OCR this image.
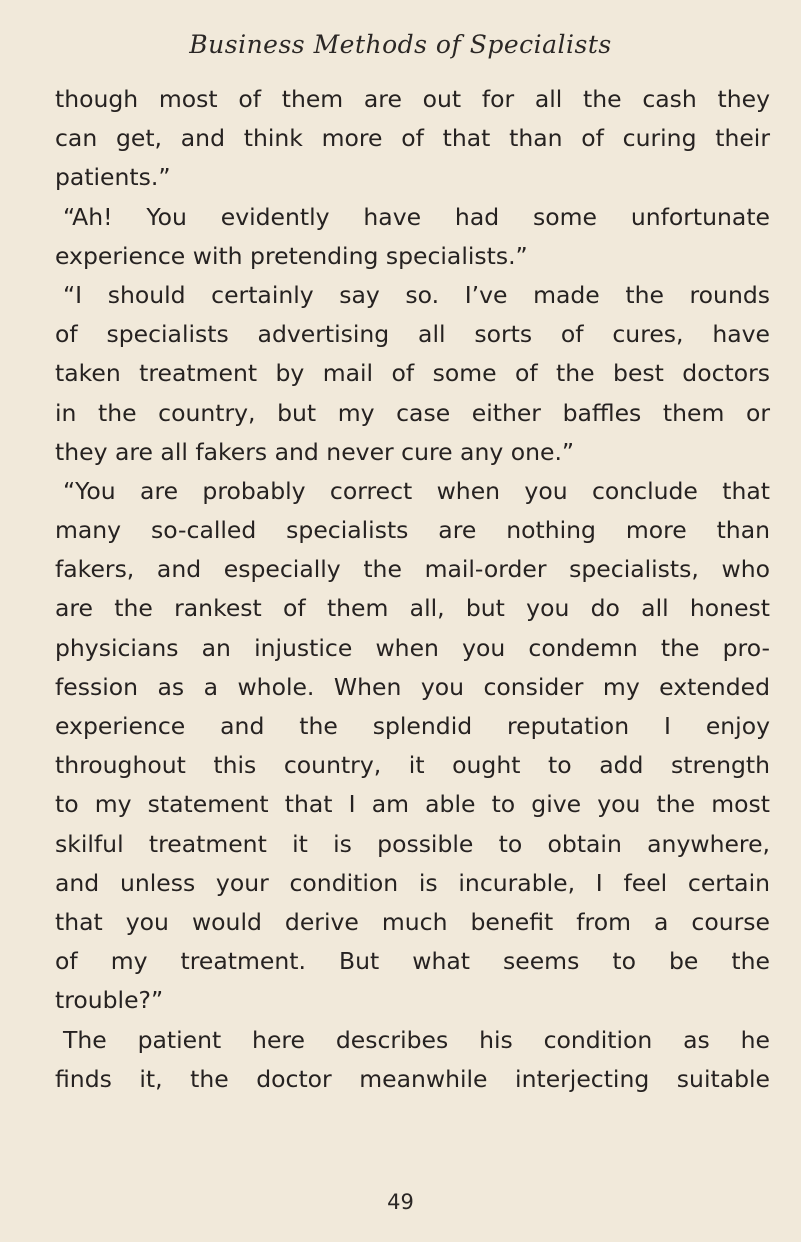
Business Methods of Specialists
though most of them are out for all the cash they
can get, and think more of that than of curing their
patients.”
“Ah! You evidently have had some unfortunate
experience with pretending specialists.”
“I should certainly say so. I’ve made the rounds
of specialists advertising all sorts of cures, have
taken treatment by mail of some of the best doctors
in the country, but my case either baffles them or
they are all fakers and never cure any one.”
“You are probably correct when you conclude that
many so-called specialists are nothing more than
fakers, and especially the mail-order specialists, who
are the rankest of them all, but you do all honest
physicians an injustice when you condemn the pro-
fession as a whole. When you consider my extended
experience and the splendid reputation I enjoy
throughout this country, it ought to add strength
to my statement that I am able to give you the most
skilful treatment it is possible to obtain anywhere,
and unless your condition is incurable, I feel certain
that you would derive much benefit from a course
of my treatment. But what seems to be the
trouble?”
The patient here describes his condition as he
finds it, the doctor meanwhile interjecting suitable
49
